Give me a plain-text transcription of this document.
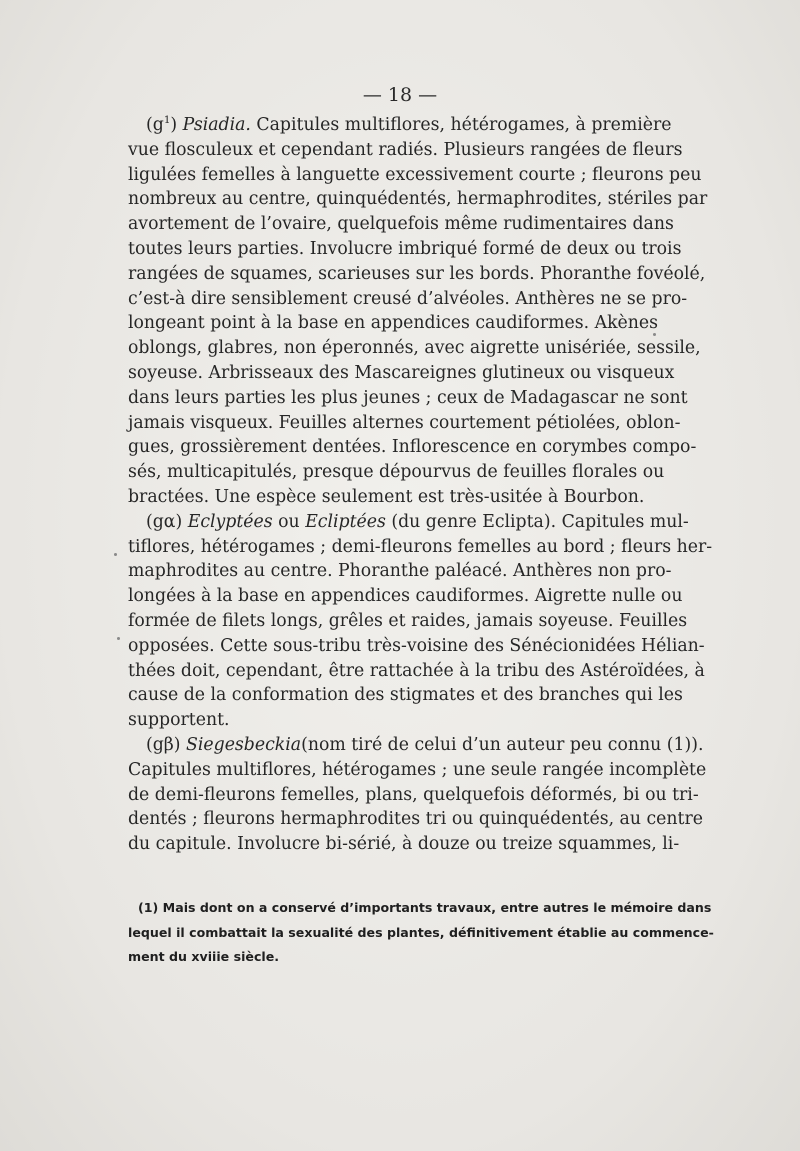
— 18 —
$(g^1)$ Psiadia. Capitules multiflores, hétérogames, à première
vue flosculeux et cependant radiés. Plusieurs rangées de fleurs
ligulées femelles à languette excessivement courte ; fleurons peu
nombreux au centre, quinquédentés, hermaphrodites, stériles par
avortement de l’ovaire, quelquefois même rudimentaires dans
toutes leurs parties. Involucre imbriqué formé de deux ou trois
rangées de squames, scarieuses sur les bords. Phoranthe fovéolé,
c’est-à dire sensiblement creusé d’alvéoles. Anthères ne se pro-
longeant point à la base en appendices caudiformes. Akènes
oblongs, glabres, non éperonnés, avec aigrette unisériée, sessile,
soyeuse. Arbrisseaux des Mascareignes glutineux ou visqueux
dans leurs parties les plus jeunes ; ceux de Madagascar ne sont
jamais visqueux. Feuilles alternes courtement pétiolées, oblon-
gues, grossièrement dentées. Inflorescence en corymbes compo-
sés, multicapitulés, presque dépourvus de feuilles florales ou
bractées. Une espèce seulement est très-usitée à Bourbon.
(gα) Eclyptées ou Ecliptées (du genre Eclipta). Capitules mul-
tiflores, hétérogames ; demi-fleurons femelles au bord ; fleurs her-
maphrodites au centre. Phoranthe paléacé. Anthères non pro-
longées à la base en appendices caudiformes. Aigrette nulle ou
formée de filets longs, grêles et raides, jamais soyeuse. Feuilles
opposées. Cette sous-tribu très-voisine des Sénécionidées Hélian-
thées doit, cependant, être rattachée à la tribu des Astéroïdées, à
cause de la conformation des stigmates et des branches qui les
supportent.
(gβ) Siegesbeckia(nom tiré de celui d’un auteur peu connu (1)).
Capitules multiflores, hétérogames ; une seule rangée incomplète
de demi-fleurons femelles, plans, quelquefois déformés, bi ou tri-
dentés ; fleurons hermaphrodites tri ou quinquédentés, au centre
du capitule. Involucre bi-sérié, à douze ou treize squammes, li-
(1) Mais dont on a conservé d’importants travaux, entre autres le mémoire dans
lequel il combattait la sexualité des plantes, définitivement établie au commence-
ment du xviiie siècle.
